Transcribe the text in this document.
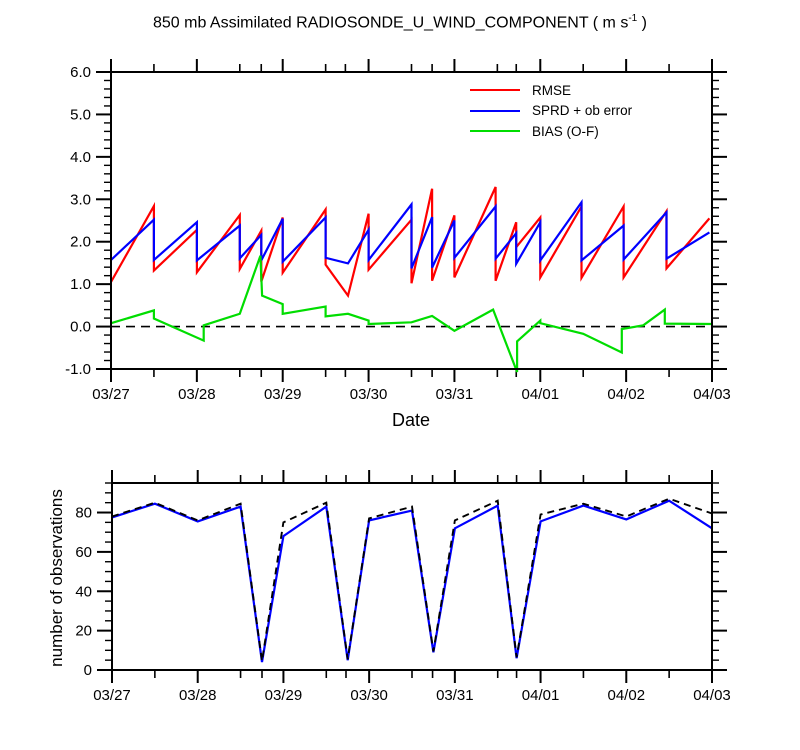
03/27	03/28	03/29	03/30	03/31	04/01	04/02	04/03
-1.0
0.0
1.0
2.0
3.0
4.0
5.0
6.0
03/27	03/28	03/29	03/30	03/31	04/01	04/02	04/03
0
20
40
60
80
850 mb Assimilated RADIOSONDE_U_WIND_COMPONENT ( m $s^{-1}$ )
RMSE
SPRD + ob error
BIAS (O-F)
Date
number of observations
